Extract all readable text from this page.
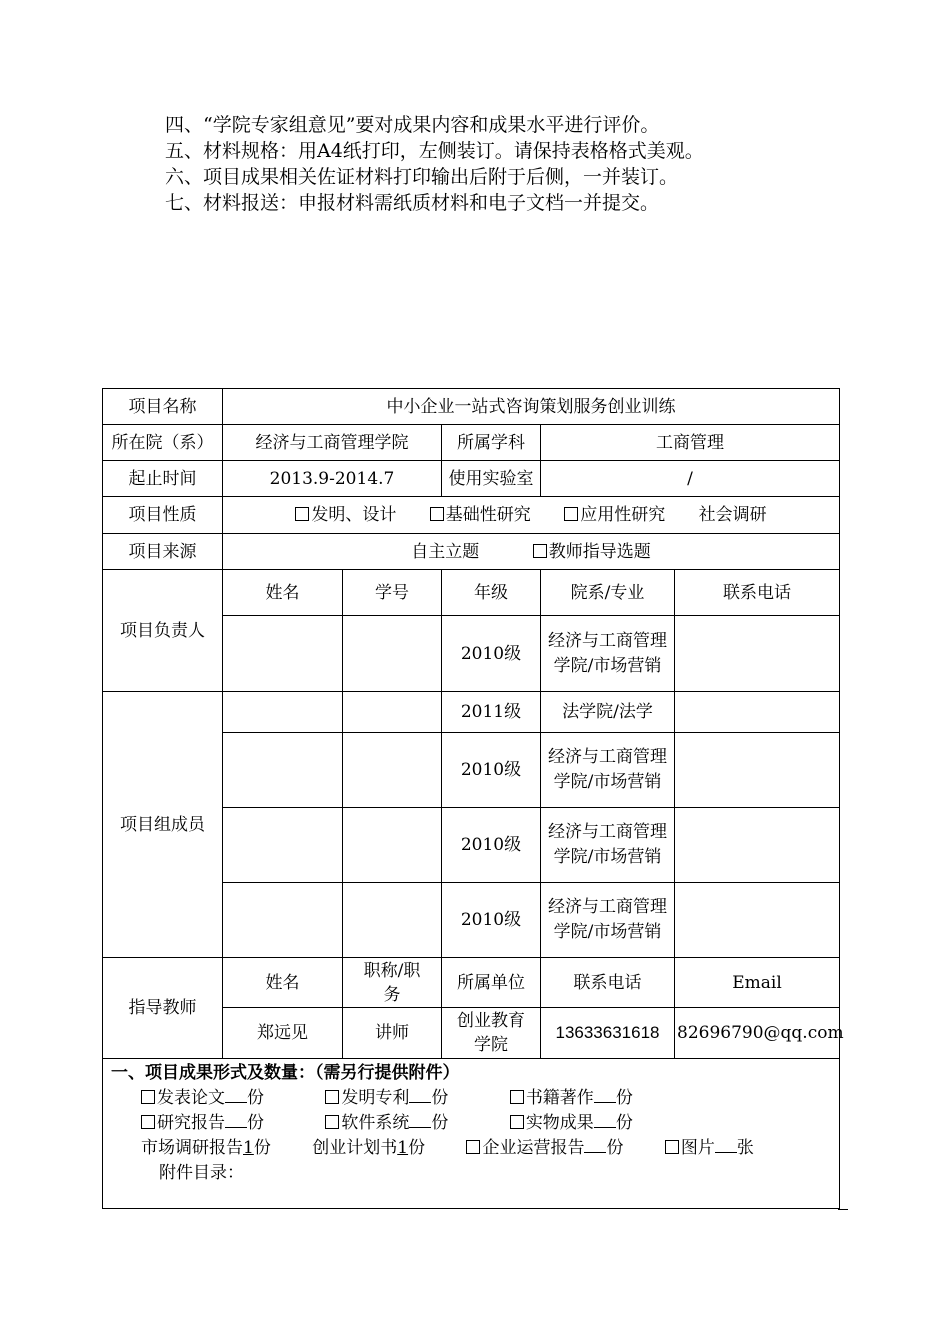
四、“学院专家组意见”要对成果内容和成果水平进行评价。
五、材料规格：用A4纸打印，左侧装订。请保持表格格式美观。
六、项目成果相关佐证材料打印输出后附于后侧，一并装订。
七、材料报送：申报材料需纸质材料和电子文档一并提交。
项目名称	中小企业一站式咨询策划服务创业训练				
所在院（系）	经济与工商管理学院		所属学科	工商管理	
起止时间	2013.9-2014.7		使用实验室	/	
项目性质	发明、设计 基础性研究 应用性研究 社会调研				
项目来源	自主立题 教师指导选题				
项目负责人	姓名	学号	年级	院系/专业	联系电话
			2010级	经济与工商管理学院/市场营销	
项目组成员			2011级	法学院/法学	
			2010级	经济与工商管理学院/市场营销	
			2010级	经济与工商管理学院/市场营销	
			2010级	经济与工商管理学院/市场营销	
指导教师	姓名	职称/职务	所属单位	联系电话	Email
	郑远见	讲师	创业教育学院	13633631618	82696790@qq.com

一、项目成果形式及数量：（需另行提供附件）
发表论文 份 发明专利 份 书籍著作 份
研究报告 份 软件系统 份 实物成果 份
市场调研报告1份 创业计划书1份 企业运营报告 份 图片 张
附件目录：					
